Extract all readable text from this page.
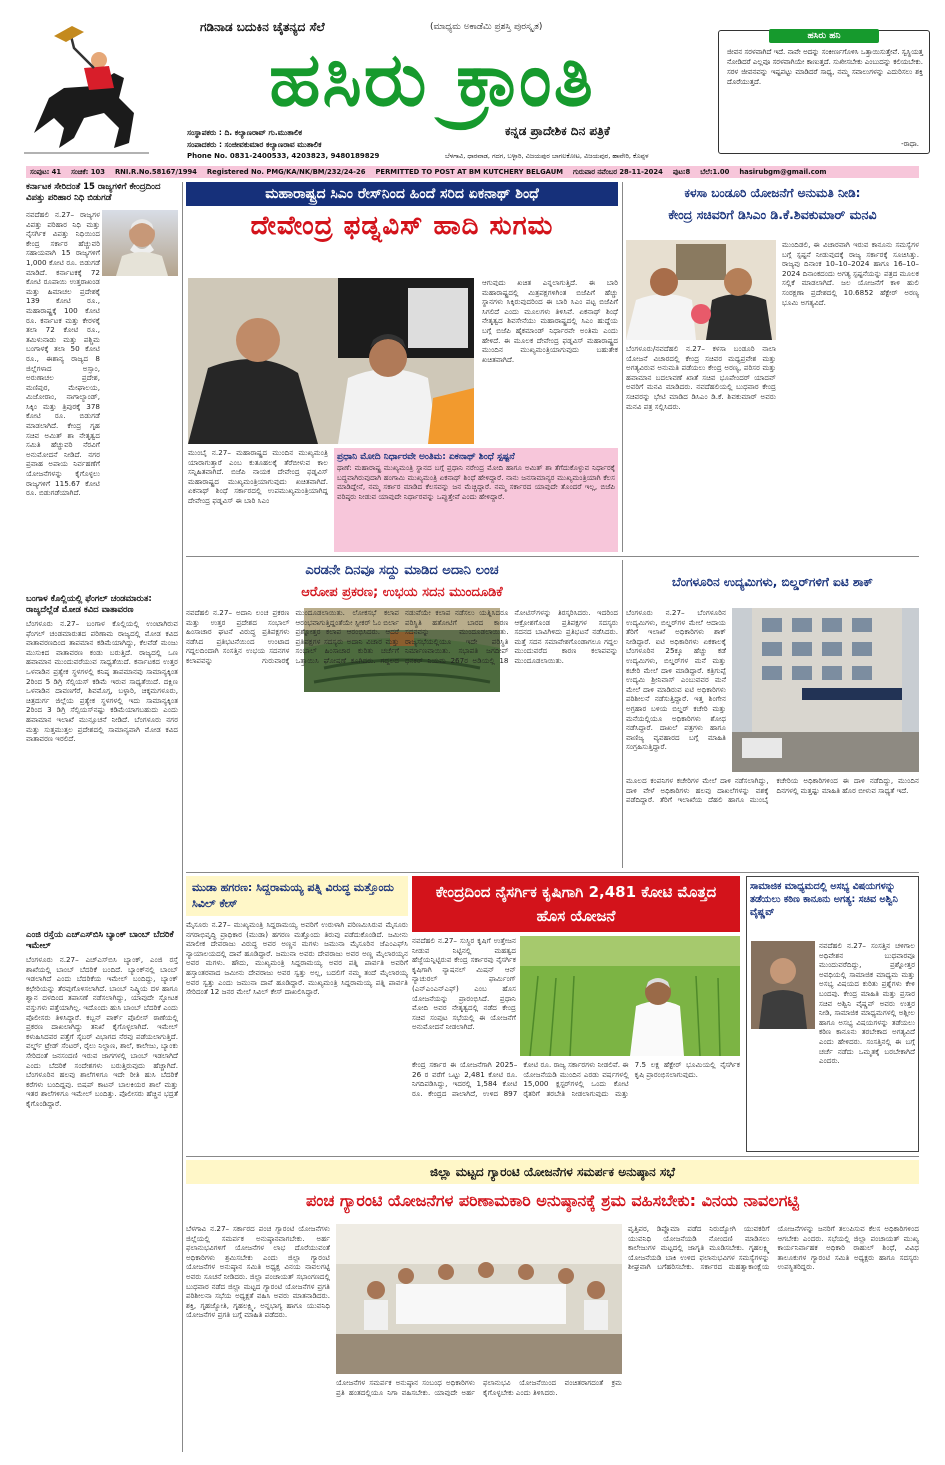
ಗಡಿನಾಡ ಬದುಕಿನ ಚೈತನ್ಯದ ಸೆಲೆ	(ಮಾಧ್ಯಮ ಅಕಾಡೆಮಿ ಪ್ರಶಸ್ತಿ ಪುರಸ್ಕೃತ)
ಹಸಿರು ಕ್ರಾಂತಿ
ಕನ್ನಡ ಪ್ರಾದೇಶಿಕ ದಿನ ಪತ್ರಿಕೆ
ಸಂಸ್ಥಾಪಕರು : ದಿ. ಕಲ್ಯಾಣರಾವ್ ಗು.ಮುತಾಲಿಕ
ಸಂಪಾದಕರು : ಸಂಜೀವಕುಮಾರ ಕಲ್ಯಾಣರಾವ ಮುತಾಲಿಕ
Phone No. 0831-2400533, 4203823, 9480189829	ಬೆಳಗಾವಿ, ಧಾರವಾಡ, ಗದಗ, ಬಳ್ಳಾರಿ, ವಿಜಯಪುರ ಬಾಗಲಕೋಟ, ವಿಜಯಪುರ, ಹಾವೇರಿ, ಕೊಪ್ಪಳ
ಹಸಿರು ಹನಿ
ಜೀವನ ಸರಳವಾಗಿದೆ ಇದೆ. ನಾವೇ ಅದನ್ನು ಸಂಕೀರ್ಣಗೊಳಿಸಿ ಒತ್ತಾಯಿಸುತ್ತೇವೆ. ಸ್ವಸ್ಥಿಯತ್ತ ನೋಡಿದರೆ ಎಲ್ಲವೂ ಸರಳವಾಗಿಯೇ ಕಾಣುತ್ತದೆ. ಸುಖೀಸಬೇಕು ಎಂಬುದನ್ನು ಕಲಿಯಬೇಕು. ಸರಳ ಜೀವನವನ್ನು ಇಷ್ಟಪಟ್ಟು ಮಾಡಿದರೆ ಸಾಧ್ಯ, ನಮ್ಮ ಸವಾಲುಗಳನ್ನು ಎದುರಿಸಲು ಶಕ್ತಿ ದೊರೆಯುತ್ತದೆ.
-ರಾಧಾ.
ಸಂಪುಟ: 41 ಸಂಚಿಕೆ: 103 RNI.R.No.58167/1994 Registered No. PMG/KA/NK/BM/232/24-26 PERMITTED TO POST AT BM KUTCHERY BELGAUM ಗುರುವಾರ ನವೆಂಬರ 28-11-2024 ಪುಟ:8 ಬೆಲೆ:1.00 hasirubgm@gmail.com
ಕರ್ನಾಟಕ ಸೇರಿದಂತೆ 15 ರಾಜ್ಯಗಳಿಗೆ ಕೇಂದ್ರದಿಂದ ವಿಪತ್ತು ಪರಿಹಾರ ನಿಧಿ ಬಿಡುಗಡೆ
ನವದೆಹಲಿ ನ.27– ರಾಜ್ಯಗಳ ವಿಪತ್ತು ಪರಿಹಾರ ನಿಧಿ ಮತ್ತು ನೈಸರ್ಗಿಕ ವಿಪತ್ತು ನಿಧಿಯಿಂದ ಕೇಂದ್ರ ಸರ್ಕಾರ ಹೆಚ್ಚುವರಿ ಸಹಾಯವಾಗಿ 15 ರಾಜ್ಯಗಳಿಗೆ 1,000 ಕೋಟಿ ರೂ. ಬಿಡುಗಡೆ ಮಾಡಿದೆ. ಕರ್ನಾಟಕಕ್ಕೆ 72 ಕೋಟಿ ರೂಪಾಯಿ ಉತ್ತರಾಖಂಡ ಮತ್ತು ಹಿಮಾಚಲ ಪ್ರದೇಶಕ್ಕೆ 139 ಕೋಟಿ ರೂ., ಮಹಾರಾಷ್ಟ್ರಕ್ಕೆ 100 ಕೋಟಿ ರೂ. ಕರ್ನಾಟಕ ಮತ್ತು ಕೇರಳಕ್ಕೆ ತಲಾ 72 ಕೋಟಿ ರೂ., ತಮಿಳುನಾಡು ಮತ್ತು ಪಶ್ಚಿಮ ಬಂಗಾಳಕ್ಕೆ ತಲಾ 50 ಕೋಟಿ ರೂ., ಈಶಾನ್ಯ ರಾಜ್ಯದ 8 ಜಿಲ್ಲೆಗಳಾದ ಅಸ್ಸಾಂ, ಅರುಣಾಚಲ ಪ್ರದೇಶ, ಮಣಿಪುರ, ಮೇಘಾಲಯ, ಮಿಜೋರಾಂ, ನಾಗಾಲ್ಯಾಂಡ್, ಸಿಕ್ಕಿಂ ಮತ್ತು ತ್ರಿಪುರಕ್ಕೆ 378 ಕೋಟಿ ರೂ. ಬಿಡುಗಡೆ ಮಾಡಲಾಗಿದೆ. ಕೇಂದ್ರ ಗೃಹ ಸಚಿವ ಅಮಿತ್ ಶಾ ನೇತೃತ್ವದ ಸಮಿತಿ ಹೆಚ್ಚುವರಿ ನೆರವಿಗೆ ಅನುಮೋದನೆ ನೀಡಿದೆ. ನಗರ ಪ್ರವಾಹ ಅಪಾಯ ನಿರ್ವಹಣೆಗೆ ಯೋಜನೆಗಳನ್ನು ಕೈಗೊಳ್ಳಲು ರಾಜ್ಯಗಳಿಗೆ 115.67 ಕೋಟಿ ರೂ. ಬಿಡುಗಡೆಯಾಗಿದೆ.
ಬಂಗಾಳ ಕೊಲ್ಲಿಯಲ್ಲಿ ಫೆಂಗಲ್ ಚಂಡಮಾರುತ: ರಾಜ್ಯದೆಲ್ಲೆಡೆ ಮೋಡ ಕವಿದ ವಾತಾವರಣ
ಬೆಂಗಳೂರು ನ.27– ಬಂಗಾಳ ಕೊಲ್ಲಿಯಲ್ಲಿ ಉಂಟಾಗಿರುವ ಫೆಂಗಲ್ ಚಂಡಮಾರುತದ ಪರಿಣಾಮ ರಾಜ್ಯದಲ್ಲಿ ಮೋಡ ಕವಿದ ವಾತಾವರಣದಿಂದ ತಾಪಮಾನ ಕಡಿಮೆಯಾಗಿದ್ದು, ಕೆಲವೆಡೆ ಮಂಜು ಮುಸುಕಿದ ವಾತಾವರಣ ಕಂಡು ಬರುತ್ತಿದೆ. ರಾಜ್ಯದಲ್ಲಿ ಒಣ ಹವಾಮಾನ ಮುಂದುವರೆಯುವ ಸಾಧ್ಯತೆಯಿದೆ. ಕರ್ನಾಟಕದ ಉತ್ತರ ಒಳನಾಡಿನ ಪ್ರತ್ಯೇಕ ಸ್ಥಳಗಳಲ್ಲಿ ಕನಿಷ್ಠ ತಾಪಮಾನವು ಸಾಮಾನ್ಯಕ್ಕಿಂತ 2ರಿಂದ 5 ಡಿಗ್ರಿ ಸೆಲ್ಸಿಯಸ್ ಕಡಿಮೆ ಇರುವ ಸಾಧ್ಯತೆಯಿದೆ. ದಕ್ಷಿಣ ಒಳನಾಡಿನ ದಾವಣಗೆರೆ, ಶಿವಮೊಗ್ಗ, ಬಳ್ಳಾರಿ, ಚಿಕ್ಕಮಗಳೂರು, ಚಿತ್ರದುರ್ಗ ಜಿಲ್ಲೆಯ ಪ್ರತ್ಯೇಕ ಸ್ಥಳಗಳಲ್ಲಿ ಇದು ಸಾಮಾನ್ಯಕ್ಕಿಂತ 2ರಿಂದ 3 ಡಿಗ್ರಿ ಸೆಲ್ಸಿಯಸ್‌ನಷ್ಟು ಕಡಿಮೆಯಾಗಬಹುದು ಎಂದು ಹವಾಮಾನ ಇಲಾಖೆ ಮುನ್ಸೂಚನೆ ನೀಡಿದೆ. ಬೆಂಗಳೂರು ನಗರ ಮತ್ತು ಸುತ್ತಮುತ್ತಲ ಪ್ರದೇಶದಲ್ಲಿ ಸಾಮಾನ್ಯವಾಗಿ ಮೋಡ ಕವಿದ ವಾತಾವರಣ ಇರಲಿದೆ.
ಎಂಜಿ ರಸ್ತೆಯ ಎಚ್‌ಎಸ್‌ಬಿಸಿ ಬ್ಯಾಂಕ್ ಬಾಂಬ್ ಬೆದರಿಕೆ ಇಮೇಲ್
ಬೆಂಗಳೂರು ನ.27– ಎಚ್‌ಎಸ್‌ಬಿಸಿ ಬ್ಯಾಂಕ್, ಎಂಜಿ ರಸ್ತೆ ಶಾಖೆಯಲ್ಲಿ ಬಾಂಬ್ ಬೆದರಿಕೆ ಬಂದಿದೆ. ಬ್ಯಾಂಕ್‌ನಲ್ಲಿ ಬಾಂಬ್ ಇಡಲಾಗಿದೆ ಎಂದು ಬೆದರಿಕೆಯ ಇಮೇಲ್ ಬಂದಿದ್ದು, ಬ್ಯಾಂಕ್ ಕಛೇರಿಯನ್ನು ತೆರವುಗೊಳಿಸಲಾಗಿದೆ. ಬಾಂಬ್ ನಿಷ್ಕ್ರಿಯ ದಳ ಹಾಗೂ ಶ್ವಾನ ದಳದಿಂದ ತಪಾಸಣೆ ನಡೆಸಲಾಗಿದ್ದು, ಯಾವುದೇ ಸ್ಫೋಟಕ ವಸ್ತುಗಳು ಪತ್ತೆಯಾಗಿಲ್ಲ. ಇದೊಂದು ಹುಸಿ ಬಾಂಬ್ ಬೆದರಿಕೆ ಎಂದು ಪೊಲೀಸರು ತಿಳಿಸಿದ್ದಾರೆ. ಕಬ್ಬನ್ ಪಾರ್ಕ್ ಪೊಲೀಸ್ ಠಾಣೆಯಲ್ಲಿ ಪ್ರಕರಣ ದಾಖಲಾಗಿದ್ದು ತನಿಖೆ ಕೈಗೊಳ್ಳಲಾಗಿದೆ. ಇಮೇಲ್ ಕಳುಹಿಸಿದವರ ಪತ್ತೆಗೆ ಸೈಬರ್ ವಿಭಾಗದ ನೆರವು ಪಡೆಯಲಾಗುತ್ತಿದೆ. ವರ್ಲ್ಡ್ ಟ್ರೇಡ್ ಸೆಂಟರ್, ರೈಲು ನಿಲ್ದಾಣ, ಶಾಲೆ, ಕಾಲೇಜು, ಬ್ಯಾಂಕು ಸೇರಿದಂತೆ ಜನಸಂದಣಿ ಇರುವ ಜಾಗಗಳಲ್ಲಿ ಬಾಂಬ್ ಇಡಲಾಗಿದೆ ಎಂದು ಬೆದರಿಕೆ ಸಂದೇಶಗಳು ಬರುತ್ತಿರುವುದು ಹೆಚ್ಚಾಗಿದೆ. ಬೆಂಗಳೂರಿನ ಹಲವು ಶಾಲೆಗಳಿಗೂ ಇದೇ ರೀತಿ ಹುಸಿ ಬೆದರಿಕೆ ಕರೆಗಳು ಬಂದಿದ್ದವು. ಬಿಷಪ್ ಕಾಟನ್ ಬಾಲಕಿಯರ ಶಾಲೆ ಮತ್ತು ಇತರ ಶಾಲೆಗಳಿಗೂ ಇಮೇಲ್ ಬಂದಿತ್ತು. ಪೊಲೀಸರು ಹೆಚ್ಚಿನ ಭದ್ರತೆ ಕೈಗೊಂಡಿದ್ದಾರೆ.
ಮಹಾರಾಷ್ಟ್ರದ ಸಿಎಂ ರೇಸ್‌ನಿಂದ ಹಿಂದೆ ಸರಿದ ಏಕನಾಥ್ ಶಿಂಧೆ
ದೇವೇಂದ್ರ ಫಡ್ನವಿಸ್ ಹಾದಿ ಸುಗಮ
ಆಗುವುದು ಖಚಿತ ಎನ್ನಲಾಗುತ್ತಿದೆ. ಈ ಬಾರಿ ಮಹಾರಾಷ್ಟ್ರದಲ್ಲಿ ಮಿತ್ರಪಕ್ಷಗಳಿಗಿಂತ ಬಿಜೆಪಿಗೆ ಹೆಚ್ಚು ಸ್ಥಾನಗಳು ಸಿಕ್ಕಿರುವುದರಿಂದ ಈ ಬಾರಿ ಸಿಎಂ ಪಟ್ಟ ಬಿಜೆಪಿಗೆ ಸಿಗಲಿದೆ ಎಂದು ಮೂಲಗಳು ತಿಳಿಸಿವೆ. ಏಕನಾಥ್ ಶಿಂಧೆ ನೇತೃತ್ವದ ಶಿವಸೇನೆಯು ಮಹಾರಾಷ್ಟ್ರದಲ್ಲಿ ಸಿಎಂ ಹುದ್ದೆಯ ಬಗ್ಗೆ ಬಿಜೆಪಿ ಹೈಕಮಾಂಡ್ ನಿರ್ಧಾರವೇ ಅಂತಿಮ ಎಂದು ಹೇಳಿದೆ. ಈ ಮೂಲಕ ದೇವೇಂದ್ರ ಫಡ್ನವಿಸ್ ಮಹಾರಾಷ್ಟ್ರದ ಮುಂದಿನ ಮುಖ್ಯಮಂತ್ರಿಯಾಗುವುದು ಬಹುತೇಕ ಖಚಿತವಾಗಿದೆ.
ಮುಂಬೈ ನ.27– ಮಹಾರಾಷ್ಟ್ರದ ಮುಂದಿನ ಮುಖ್ಯಮಂತ್ರಿ ಯಾರಾಗುತ್ತಾರೆ ಎಂಬ ಕುತೂಹಲಕ್ಕೆ ತೆರೆಬೀಳುವ ಕಾಲ ಸನ್ನಿಹಿತವಾಗಿದೆ. ಬಿಜೆಪಿ ನಾಯಕ ದೇವೇಂದ್ರ ಫಡ್ನವಿಸ್ ಮಹಾರಾಷ್ಟ್ರದ ಮುಖ್ಯಮಂತ್ರಿಯಾಗುವುದು ಖಚಿತವಾಗಿದೆ. ಏಕನಾಥ್ ಶಿಂಧೆ ಸರ್ಕಾರದಲ್ಲಿ ಉಪಮುಖ್ಯಮಂತ್ರಿಯಾಗಿದ್ದ ದೇವೇಂದ್ರ ಫಡ್ನವಿಸ್ ಈ ಬಾರಿ ಸಿಎಂ
ಪ್ರಧಾನಿ ಮೋದಿ ನಿರ್ಧಾರವೇ ಅಂತಿಮ: ಏಕನಾಥ್ ಶಿಂಧೆ ಸ್ಪಷ್ಟನೆ
ಥಾಣೆ: ಮಹಾರಾಷ್ಟ್ರ ಮುಖ್ಯಮಂತ್ರಿ ಸ್ಥಾನದ ಬಗ್ಗೆ ಪ್ರಧಾನಿ ನರೇಂದ್ರ ಮೋದಿ ಹಾಗೂ ಅಮಿತ್ ಶಾ ತೆಗೆದುಕೊಳ್ಳುವ ನಿರ್ಧಾರಕ್ಕೆ ಬದ್ಧವಾಗಿರುವುದಾಗಿ ಹಂಗಾಮಿ ಮುಖ್ಯಮಂತ್ರಿ ಏಕನಾಥ್ ಶಿಂಧೆ ಹೇಳಿದ್ದಾರೆ. ನಾನು ಜನಸಾಮಾನ್ಯರ ಮುಖ್ಯಮಂತ್ರಿಯಾಗಿ ಕೆಲಸ ಮಾಡಿದ್ದೇನೆ, ನಮ್ಮ ಸರ್ಕಾರ ಮಾಡಿದ ಕೆಲಸವನ್ನು ಜನ ಮೆಚ್ಚಿದ್ದಾರೆ. ನಮ್ಮ ಸರ್ಕಾರದ ಯಾವುದೇ ತೊಂದರೆ ಇಲ್ಲ, ಬಿಜೆಪಿ ವರಿಷ್ಠರು ನೀಡುವ ಯಾವುದೇ ನಿರ್ಧಾರವನ್ನು ಒಪ್ಪುತ್ತೇವೆ ಎಂದು ಹೇಳಿದ್ದಾರೆ.
ಕಳಸಾ ಬಂಡೂರಿ ಯೋಜನೆಗೆ ಅನುಮತಿ ನೀಡಿ:
ಕೇಂದ್ರ ಸಚಿವರಿಗೆ ಡಿಸಿಎಂ ಡಿ.ಕೆ.ಶಿವಕುಮಾರ್ ಮನವಿ
ಮುಂದಿಡಲಿ, ಈ ವಿಚಾರವಾಗಿ ಇರುವ ಕಾನೂನು ಸಮಸ್ಯೆಗಳ ಬಗ್ಗೆ ಸ್ಪಷ್ಟನೆ ನೀಡುವುದಕ್ಕೆ ರಾಜ್ಯ ಸರ್ಕಾರಕ್ಕೆ ಸೂಚಿಸಿತ್ತು. ರಾಜ್ಯವು ದಿನಾಂಕ 10–10–2024 ಹಾಗೂ 16–10–2024 ದಿನಾಂಕದಂದು ಅಗತ್ಯ ಸ್ಪಷ್ಟನೆಯನ್ನು ಪತ್ರದ ಮೂಲಕ ಸಲ್ಲಿಕೆ ಮಾಡಲಾಗಿದೆ. ಜಲ ಯೋಜನೆಗೆ ಕಾಳಿ ಹುಲಿ ಸಂರಕ್ಷಣಾ ಪ್ರದೇಶದಲ್ಲಿ 10.6852 ಹೆಕ್ಟೇರ್ ಅರಣ್ಯ ಭೂಮಿ ಅಗತ್ಯವಿದೆ.
ಬೆಂಗಳೂರು/ನವದೆಹಲಿ ನ.27– ಕಳಸಾ ಬಂಡೂರಿ ನಾಲಾ ಯೋಜನೆ ವಿಚಾರದಲ್ಲಿ ಕೇಂದ್ರ ಸಚಿವರ ಮಧ್ಯಪ್ರವೇಶ ಮತ್ತು ಅಗತ್ಯವಿರುವ ಅನುಮತಿ ಪಡೆಯಲು ಕೇಂದ್ರ ಅರಣ್ಯ, ಪರಿಸರ ಮತ್ತು ಹವಾಮಾನ ಬದಲಾವಣೆ ಖಾತೆ ಸಚಿವ ಭೂಪೇಂದರ್ ಯಾದವ್ ಅವರಿಗೆ ಮನವಿ ಮಾಡಿದರು. ನವದೆಹಲಿಯಲ್ಲಿ ಬುಧವಾರ ಕೇಂದ್ರ ಸಚಿವರನ್ನು ಭೇಟಿ ಮಾಡಿದ ಡಿಸಿಎಂ ಡಿ.ಕೆ. ಶಿವಕುಮಾರ್ ಅವರು ಮನವಿ ಪತ್ರ ಸಲ್ಲಿಸಿದರು.
ಎರಡನೇ ದಿನವೂ ಸದ್ದು ಮಾಡಿದ ಅದಾನಿ ಲಂಚ
ಆರೋಪ ಪ್ರಕರಣ; ಉಭಯ ಸದನ ಮುಂದೂಡಿಕೆ
ನವದೆಹಲಿ ನ.27– ಅದಾನಿ ಲಂಚ ಪ್ರಕರಣ ಮತ್ತು ಉತ್ತರ ಪ್ರದೇಶದ ಸಂಭಾಲ್ ಹಿಂಸಾಚಾರ ಘಟನೆ ವಿರುದ್ಧ ಪ್ರತಿಪಕ್ಷಗಳು ನಡೆಸಿದ ಪ್ರತಿಭಟನೆಯಿಂದ ಉಂಟಾದ ಗದ್ದಲದಿಂದಾಗಿ ಸಂಸತ್ತಿನ ಉಭಯ ಸದನಗಳ ಕಲಾಪವನ್ನು ಗುರುವಾರಕ್ಕೆ ಮುಂದೂಡಲಾಯಿತು. ಲೋಕಸಭೆ ಕಲಾಪ ಆರಂಭವಾಗುತ್ತಿದ್ದಂತೆಯೇ ಸ್ಪೀಕರ್ ಓಂ ಬಿರ್ಲಾ ಪ್ರಶ್ನೋತ್ತರ ಕಲಾಪ ಆರಂಭಿಸಿದರು. ಆದರೆ ಪ್ರತಿಪಕ್ಷಗಳ ಸದಸ್ಯರು ಅದಾನಿ ವಿಚಾರ ಮತ್ತು ಸಂಭಾಲ್ ಹಿಂಸಾಚಾರ ಕುರಿತು ಚರ್ಚೆಗೆ ಒತ್ತಾಯಿಸಿ ಘೋಷಣೆ ಕೂಗಿದರು. ಗದ್ದಲದ ನಡುವೆಯೇ ಕಲಾಪ ನಡೆಸಲು ಯತ್ನಿಸಿದರೂ ಪರಿಸ್ಥಿತಿ ಹತೋಟಿಗೆ ಬಾರದ ಕಾರಣ ಸದನವನ್ನು ಮುಂದೂಡಲಾಯಿತು. ರಾಜ್ಯಸಭೆಯಲ್ಲಿಯೂ ಇದೇ ಪರಿಸ್ಥಿತಿ ನಿರ್ಮಾಣವಾಯಿತು. ಸಭಾಪತಿ ಜಗದೀಪ್ ಧನಕರ್ ನಿಯಮ 267ರ ಅಡಿಯಲ್ಲಿ 18 ನೋಟಿಸ್‌ಗಳನ್ನು ತಿರಸ್ಕರಿಸಿದರು. ಇದರಿಂದ ಆಕ್ರೋಶಗೊಂಡ ಪ್ರತಿಪಕ್ಷಗಳ ಸದಸ್ಯರು ಸದನದ ಬಾವಿಗಿಳಿದು ಪ್ರತಿಭಟನೆ ನಡೆಸಿದರು. ಮತ್ತೆ ಸದನ ಸಮಾವೇಶಗೊಂಡಾಗಲೂ ಗದ್ದಲ ಮುಂದುವರೆದ ಕಾರಣ ಕಲಾಪವನ್ನು ಮುಂದೂಡಲಾಯಿತು.
ಬೆಂಗಳೂರಿನ ಉದ್ಯಮಿಗಳು, ಬಿಲ್ಡರ್‌ಗಳಿಗೆ ಐಟಿ ಶಾಕ್
ಬೆಂಗಳೂರು ನ.27– ಬೆಂಗಳೂರಿನ ಉದ್ಯಮಿಗಳು, ಬಿಲ್ಡರ್‌ಗಳ ಮೇಲೆ ಆದಾಯ ತೆರಿಗೆ ಇಲಾಖೆ ಅಧಿಕಾರಿಗಳು ಶಾಕ್ ನೀಡಿದ್ದಾರೆ. ಐಟಿ ಅಧಿಕಾರಿಗಳು ಏಕಕಾಲಕ್ಕೆ ಬೆಂಗಳೂರಿನ 25ಕ್ಕೂ ಹೆಚ್ಚು ಕಡೆ ಉದ್ಯಮಿಗಳು, ಬಿಲ್ಡರ್‌ಗಳ ಮನೆ ಮತ್ತು ಕಚೇರಿ ಮೇಲೆ ದಾಳಿ ಮಾಡಿದ್ದಾರೆ. ಕತ್ರಿಗುಪ್ಪೆ ಉದ್ಯಮಿ ಶ್ರೀನಿವಾಸ್ ಎಂಬುವವರ ಮನೆ ಮೇಲೆ ದಾಳಿ ಮಾಡಿರುವ ಐಟಿ ಅಧಿಕಾರಿಗಳು ಪರಿಶೀಲನೆ ನಡೆಸುತ್ತಿದ್ದಾರೆ. ಇತ್ತ ಶಿಂಗೇನ ಅಗ್ರಹಾರ ಬಳಿಯ ಬಿಲ್ಡರ್ ಕಚೇರಿ ಮತ್ತು ಮನೆಯಲ್ಲಿಯೂ ಅಧಿಕಾರಿಗಳು ಶೋಧ ನಡೆಸಿದ್ದಾರೆ. ದಾಖಲೆ ಪತ್ರಗಳು ಹಾಗೂ ವಾಣಿಜ್ಯ ವ್ಯವಹಾರದ ಬಗ್ಗೆ ಮಾಹಿತಿ ಸಂಗ್ರಹಿಸುತ್ತಿದ್ದಾರೆ.
ಮೂಲದ ಕಂಪನಿಗಳ ಕಚೇರಿಗಳ ಮೇಲೆ ದಾಳಿ ನಡೆಸಲಾಗಿದ್ದು, ದಾಳಿ ವೇಳೆ ಅಧಿಕಾರಿಗಳು ಹಲವು ದಾಖಲೆಗಳನ್ನು ವಶಕ್ಕೆ ಪಡೆದಿದ್ದಾರೆ. ತೆರಿಗೆ ಇಲಾಖೆಯ ದೆಹಲಿ ಹಾಗೂ ಮುಂಬೈ ಕಚೇರಿಯ ಅಧಿಕಾರಿಗಳಿಂದ ಈ ದಾಳಿ ನಡೆದಿದ್ದು, ಮುಂದಿನ ದಿನಗಳಲ್ಲಿ ಮತ್ತಷ್ಟು ಮಾಹಿತಿ ಹೊರ ಬೀಳುವ ಸಾಧ್ಯತೆ ಇದೆ.
ಮುಡಾ ಹಗರಣ: ಸಿದ್ದರಾಮಯ್ಯ ಪತ್ನಿ ವಿರುದ್ಧ ಮತ್ತೊಂದು ಸಿವಿಲ್ ಕೇಸ್
ಮೈಸೂರು ನ.27– ಮುಖ್ಯಮಂತ್ರಿ ಸಿದ್ದರಾಮಯ್ಯ ಅವರಿಗೆ ಉರುಳಾಗಿ ಪರಿಣಮಿಸಿರುವ ಮೈಸೂರು ನಗರಾಭಿವೃದ್ಧಿ ಪ್ರಾಧಿಕಾರ (ಮುಡಾ) ಹಗರಣ ಮತ್ತೊಂದು ತಿರುವು ಪಡೆದುಕೊಂಡಿದೆ. ಜಮೀನು ಮಾಲೀಕ ದೇವರಾಜು ವಿರುದ್ಧ ಅವರ ಅಣ್ಣನ ಮಗಳು ಜಮುನಾ ಮೈಸೂರಿನ ಜೆಎಂಎಫ್‌ಸಿ ನ್ಯಾಯಾಲಯದಲ್ಲಿ ದಾವೆ ಹೂಡಿದ್ದಾರೆ. ಜಮುನಾ ಅವರು ದೇವರಾಜು ಅವರ ಅಣ್ಣ ಮೈಲಾರಯ್ಯನ ಅವರ ಮಗಳು. ಹೌದು, ಮುಖ್ಯಮಂತ್ರಿ ಸಿದ್ದರಾಮಯ್ಯ ಅವರ ಪತ್ನಿ ಪಾರ್ವತಿ ಅವರಿಗೆ ಹಸ್ತಾಂತರವಾದ ಜಮೀನು ದೇವರಾಜು ಅವರ ಸ್ವತ್ತು ಅಲ್ಲ, ಬದಲಿಗೆ ನಮ್ಮ ತಂದೆ ಮೈಲಾರಯ್ಯ ಅವರ ಸ್ವತ್ತು ಎಂದು ಜಮುನಾ ದಾವೆ ಹೂಡಿದ್ದಾರೆ. ಮುಖ್ಯಮಂತ್ರಿ ಸಿದ್ದರಾಮಯ್ಯ ಪತ್ನಿ ಪಾರ್ವತಿ ಸೇರಿದಂತೆ 12 ಜನರ ಮೇಲೆ ಸಿವಿಲ್ ಕೇಸ್ ದಾಖಲಿಸಿದ್ದಾರೆ.
ಕೇಂದ್ರದಿಂದ ನೈಸರ್ಗಿಕ ಕೃಷಿಗಾಗಿ 2,481 ಕೋಟಿ ಮೊತ್ತದ ಹೊಸ ಯೋಜನೆ
ನವದೆಹಲಿ ನ.27– ಸುಸ್ಥಿರ ಕೃಷಿಗೆ ಉತ್ತೇಜನ ನೀಡುವ ನಿಟ್ಟಿನಲ್ಲಿ ಮಹತ್ವದ ಹೆಜ್ಜೆಯನ್ನಿಟ್ಟಿರುವ ಕೇಂದ್ರ ಸರ್ಕಾರವು ನೈಸರ್ಗಿಕ ಕೃಷಿಗಾಗಿ ನ್ಯಾಷನಲ್ ಮಿಷನ್ ಆನ್ ನ್ಯಾಚುರಲ್ ಫಾರ್ಮಿಂಗ್ (ಎನ್‌ಎಂಎನ್‌ಎಫ್) ಎಂಬ ಹೊಸ ಯೋಜನೆಯನ್ನು ಪ್ರಾರಂಭಿಸಿದೆ. ಪ್ರಧಾನಿ ಮೋದಿ ಅವರ ನೇತೃತ್ವದಲ್ಲಿ ನಡೆದ ಕೇಂದ್ರ ಸಚಿವ ಸಂಪುಟ ಸಭೆಯಲ್ಲಿ ಈ ಯೋಜನೆಗೆ ಅನುಮೋದನೆ ನೀಡಲಾಗಿದೆ.
ಕೇಂದ್ರ ಸರ್ಕಾರ ಈ ಯೋಜನೆಗಾಗಿ 2025–26 ರ ವರೆಗೆ ಒಟ್ಟು 2,481 ಕೋಟಿ ರೂ. ನಿಗದಿಪಡಿಸಿದ್ದು, ಇದರಲ್ಲಿ 1,584 ಕೋಟಿ ರೂ. ಕೇಂದ್ರದ ಪಾಲಾಗಿದೆ, ಉಳಿದ 897 ಕೋಟಿ ರೂ. ರಾಜ್ಯ ಸರ್ಕಾರಗಳು ನೀಡಲಿವೆ. ಈ ಯೋಜನೆಯಡಿ ಮುಂದಿನ ಎರಡು ವರ್ಷಗಳಲ್ಲಿ 15,000 ಕ್ಲಸ್ಟರ್‌ಗಳಲ್ಲಿ ಒಂದು ಕೋಟಿ ರೈತರಿಗೆ ತರಬೇತಿ ನೀಡಲಾಗುವುದು ಮತ್ತು 7.5 ಲಕ್ಷ ಹೆಕ್ಟೇರ್ ಭೂಮಿಯಲ್ಲಿ ನೈಸರ್ಗಿಕ ಕೃಷಿ ಪ್ರಾರಂಭಿಸಲಾಗುವುದು.
ಸಾಮಾಜಿಕ ಮಾಧ್ಯಮದಲ್ಲಿ ಅಸಭ್ಯ ವಿಷಯಗಳನ್ನು ತಡೆಯಲು ಕಠಿಣ ಕಾನೂನು ಅಗತ್ಯ: ಸಚಿವ ಅಶ್ವಿನಿ ವೈಷ್ಣವ್
ನವದೆಹಲಿ ನ.27– ಸಂಸತ್ತಿನ ಚಳಿಗಾಲ ಅಧಿವೇಶನ ಬುಧವಾರವೂ ಮುಂದುವರೆದಿದ್ದು, ಪ್ರಶ್ನೋತ್ತರ ಅವಧಿಯಲ್ಲಿ ಸಾಮಾಜಿಕ ಮಾಧ್ಯಮ ಮತ್ತು ಅಸಭ್ಯ ವಿಷಯದ ಕುರಿತು ಪ್ರಶ್ನೆಗಳು ಕೇಳಿ ಬಂದವು. ಕೇಂದ್ರ ಮಾಹಿತಿ ಮತ್ತು ಪ್ರಸಾರ ಸಚಿವ ಅಶ್ವಿನಿ ವೈಷ್ಣವ್ ಅವರು ಉತ್ತರ ನೀಡಿ, ಸಾಮಾಜಿಕ ಮಾಧ್ಯಮಗಳಲ್ಲಿ ಅಶ್ಲೀಲ ಹಾಗೂ ಅಸಭ್ಯ ವಿಷಯಗಳನ್ನು ತಡೆಯಲು ಕಠಿಣ ಕಾನೂನು ತರಬೇಕಾದ ಅಗತ್ಯವಿದೆ ಎಂದು ಹೇಳಿದರು. ಸಂಸತ್ತಿನಲ್ಲಿ ಈ ಬಗ್ಗೆ ಚರ್ಚೆ ನಡೆದು ಒಮ್ಮತಕ್ಕೆ ಬರಬೇಕಾಗಿದೆ ಎಂದರು.
ಜಿಲ್ಲಾ ಮಟ್ಟದ ಗ್ಯಾರಂಟಿ ಯೋಜನೆಗಳ ಸಮರ್ಪಕ ಅನುಷ್ಠಾನ ಸಭೆ
ಪಂಚ ಗ್ಯಾರಂಟಿ ಯೋಜನೆಗಳ ಪರಿಣಾಮಕಾರಿ ಅನುಷ್ಠಾನಕ್ಕೆ ಶ್ರಮ ವಹಿಸಬೇಕು: ವಿನಯ ನಾವಲಗಟ್ಟಿ
ಬೆಳಗಾವಿ ನ.27– ಸರ್ಕಾರದ ಪಂಚ ಗ್ಯಾರಂಟಿ ಯೋಜನೆಗಳು ಜಿಲ್ಲೆಯಲ್ಲಿ ಸಮರ್ಪಕ ಅನುಷ್ಠಾನವಾಗಬೇಕು. ಅರ್ಹ ಫಲಾನುಭವಿಗಳಿಗೆ ಯೋಜನೆಗಳ ಲಾಭ ದೊರೆಯುವಂತೆ ಅಧಿಕಾರಿಗಳು ಶ್ರಮಿಸಬೇಕು ಎಂದು ಜಿಲ್ಲಾ ಗ್ಯಾರಂಟಿ ಯೋಜನೆಗಳ ಅನುಷ್ಠಾನ ಸಮಿತಿ ಅಧ್ಯಕ್ಷ ವಿನಯ ನಾವಲಗಟ್ಟಿ ಅವರು ಸೂಚನೆ ನೀಡಿದರು. ಜಿಲ್ಲಾ ಪಂಚಾಯತ್ ಸಭಾಂಗಣದಲ್ಲಿ ಬುಧವಾರ ನಡೆದ ಜಿಲ್ಲಾ ಮಟ್ಟದ ಗ್ಯಾರಂಟಿ ಯೋಜನೆಗಳ ಪ್ರಗತಿ ಪರಿಶೀಲನಾ ಸಭೆಯ ಅಧ್ಯಕ್ಷತೆ ವಹಿಸಿ ಅವರು ಮಾತನಾಡಿದರು. ಶಕ್ತಿ, ಗೃಹಜ್ಯೋತಿ, ಗೃಹಲಕ್ಷ್ಮಿ, ಅನ್ನಭಾಗ್ಯ ಹಾಗೂ ಯುವನಿಧಿ ಯೋಜನೆಗಳ ಪ್ರಗತಿ ಬಗ್ಗೆ ಮಾಹಿತಿ ಪಡೆದರು.
ಯೋಜನೆಗಳ ಸಮರ್ಪಕ ಅನುಷ್ಠಾನ ಸಂಬಂಧ ಅಧಿಕಾರಿಗಳು ಪ್ರತಿ ಹಂತದಲ್ಲಿಯೂ ನಿಗಾ ವಹಿಸಬೇಕು. ಯಾವುದೇ ಅರ್ಹ ಫಲಾನುಭವಿ ಯೋಜನೆಯಿಂದ ವಂಚಿತರಾಗದಂತೆ ಕ್ರಮ ಕೈಗೊಳ್ಳಬೇಕು ಎಂದು ತಿಳಿಸಿದರು.
ವೃತ್ತಿಪರ, ಡಿಪ್ಲೊಮಾ ಪಡೆದ ನಿರುದ್ಯೋಗಿ ಯುವಕರಿಗೆ ಯುವನಿಧಿ ಯೋಜನೆಯಡಿ ನೋಂದಣಿ ಮಾಡಿಸಲು ಕಾಲೇಜುಗಳ ಮಟ್ಟದಲ್ಲಿ ಜಾಗೃತಿ ಮೂಡಿಸಬೇಕು. ಗೃಹಲಕ್ಷ್ಮಿ ಯೋಜನೆಯಡಿ ಬಾಕಿ ಉಳಿದ ಫಲಾನುಭವಿಗಳ ಸಮಸ್ಯೆಗಳನ್ನು ಶೀಘ್ರವಾಗಿ ಬಗೆಹರಿಸಬೇಕು. ಸರ್ಕಾರದ ಮಹತ್ವಾಕಾಂಕ್ಷೆಯ ಯೋಜನೆಗಳನ್ನು ಜನರಿಗೆ ತಲುಪಿಸುವ ಕೆಲಸ ಅಧಿಕಾರಿಗಳಿಂದ ಆಗಬೇಕು ಎಂದರು. ಸಭೆಯಲ್ಲಿ ಜಿಲ್ಲಾ ಪಂಚಾಯತ್ ಮುಖ್ಯ ಕಾರ್ಯನಿರ್ವಾಹಕ ಅಧಿಕಾರಿ ರಾಹುಲ್ ಶಿಂಧೆ, ವಿವಿಧ ತಾಲೂಕುಗಳ ಗ್ಯಾರಂಟಿ ಸಮಿತಿ ಅಧ್ಯಕ್ಷರು ಹಾಗೂ ಸದಸ್ಯರು ಉಪಸ್ಥಿತರಿದ್ದರು.
